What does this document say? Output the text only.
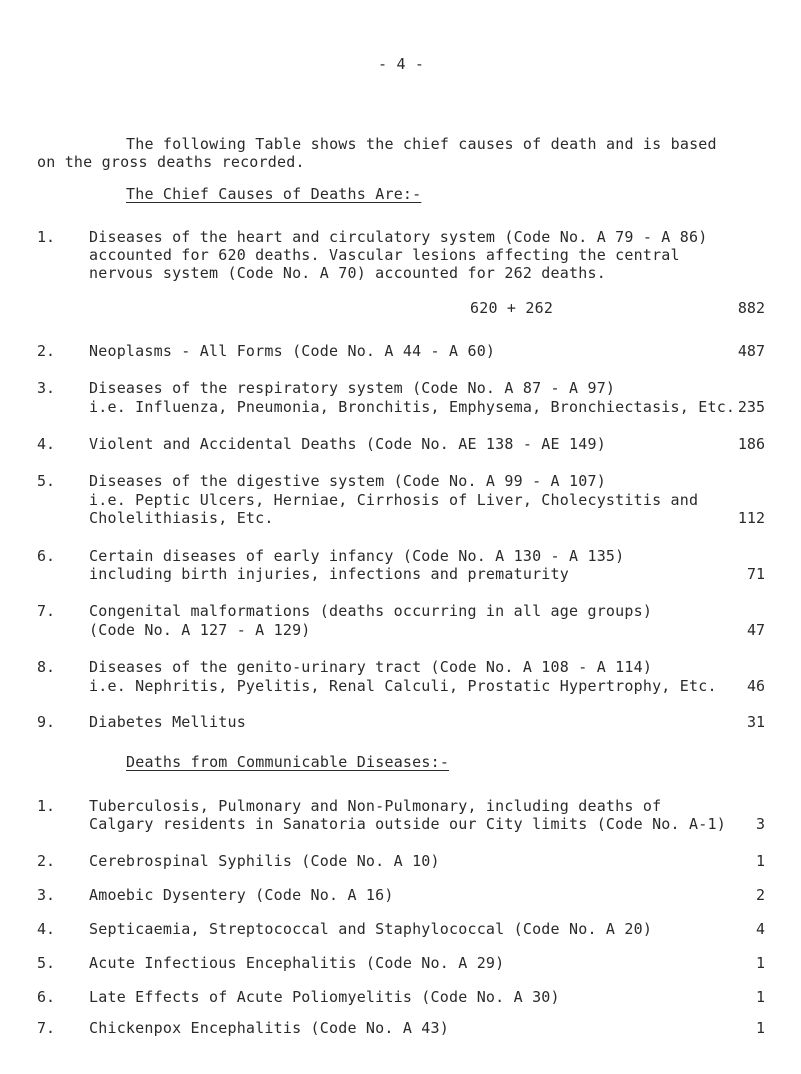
- 4 -
The following Table shows the chief causes of death and is based
on the gross deaths recorded.
The Chief Causes of Deaths Are:-
1. Diseases of the heart and circulatory system (Code No. A 79 - A 86)
accounted for 620 deaths. Vascular lesions affecting the central
nervous system (Code No. A 70) accounted for 262 deaths.
620 + 262	882
2. Neoplasms - All Forms (Code No. A 44 - A 60)	487
3. Diseases of the respiratory system (Code No. A 87 - A 97)
i.e. Influenza, Pneumonia, Bronchitis, Emphysema, Bronchiectasis, Etc. 235
4. Violent and Accidental Deaths (Code No. AE 138 - AE 149)	186
5. Diseases of the digestive system (Code No. A 99 - A 107)
i.e. Peptic Ulcers, Herniae, Cirrhosis of Liver, Cholecystitis and
Cholelithiasis, Etc.	112
6. Certain diseases of early infancy (Code No. A 130 - A 135)
including birth injuries, infections and prematurity	71
7. Congenital malformations (deaths occurring in all age groups)
(Code No. A 127 - A 129)	47
8. Diseases of the genito-urinary tract (Code No. A 108 - A 114)
i.e. Nephritis, Pyelitis, Renal Calculi, Prostatic Hypertrophy, Etc.	46
9. Diabetes Mellitus	31
Deaths from Communicable Diseases:-
1. Tuberculosis, Pulmonary and Non-Pulmonary, including deaths of
Calgary residents in Sanatoria outside our City limits (Code No. A-1)	3
2. Cerebrospinal Syphilis (Code No. A 10)	1
3. Amoebic Dysentery (Code No. A 16)	2
4. Septicaemia, Streptococcal and Staphylococcal (Code No. A 20)	4
5. Acute Infectious Encephalitis (Code No. A 29)	1
6. Late Effects of Acute Poliomyelitis (Code No. A 30)	1
7. Chickenpox Encephalitis (Code No. A 43)	1
